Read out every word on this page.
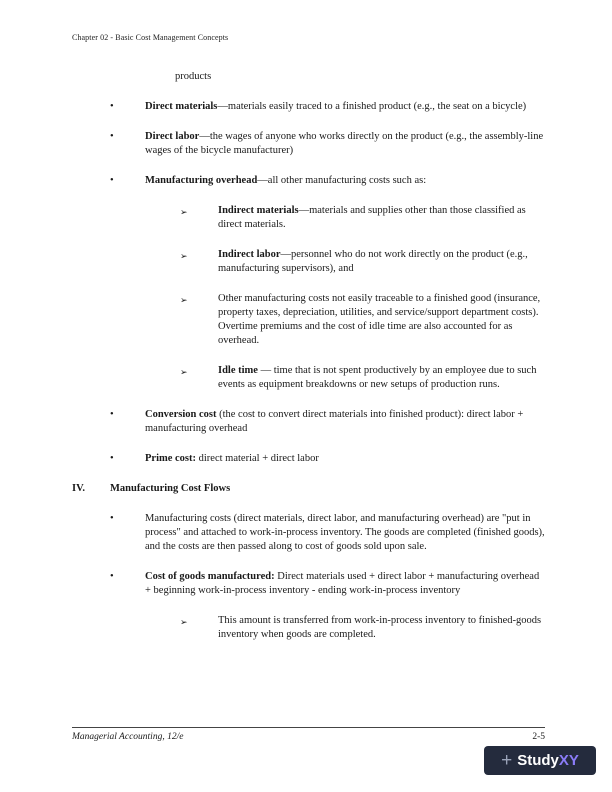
Chapter 02 - Basic Cost Management Concepts
products
•	Direct materials—materials easily traced to a finished product (e.g., the seat on a bicycle)
•	Direct labor—the wages of anyone who works directly on the product (e.g., the assembly-line wages of the bicycle manufacturer)
•	Manufacturing overhead—all other manufacturing costs such as:
➢	Indirect materials—materials and supplies other than those classified as direct materials.
➢	Indirect labor—personnel who do not work directly on the product (e.g., manufacturing supervisors), and
➢	Other manufacturing costs not easily traceable to a finished good (insurance, property taxes, depreciation, utilities, and service/support department costs). Overtime premiums and the cost of idle time are also accounted for as overhead.
➢	Idle time — time that is not spent productively by an employee due to such events as equipment breakdowns or new setups of production runs.
•	Conversion cost (the cost to convert direct materials into finished product): direct labor + manufacturing overhead
•	Prime cost: direct material + direct labor
IV.	Manufacturing Cost Flows
•	Manufacturing costs (direct materials, direct labor, and manufacturing overhead) are "put in process" and attached to work-in-process inventory. The goods are completed (finished goods), and the costs are then passed along to cost of goods sold upon sale.
•	Cost of goods manufactured: Direct materials used + direct labor + manufacturing overhead + beginning work-in-process inventory - ending work-in-process inventory
➢	This amount is transferred from work-in-process inventory to finished-goods inventory when goods are completed.
Managerial Accounting, 12/e	2-5
+ Study XY
